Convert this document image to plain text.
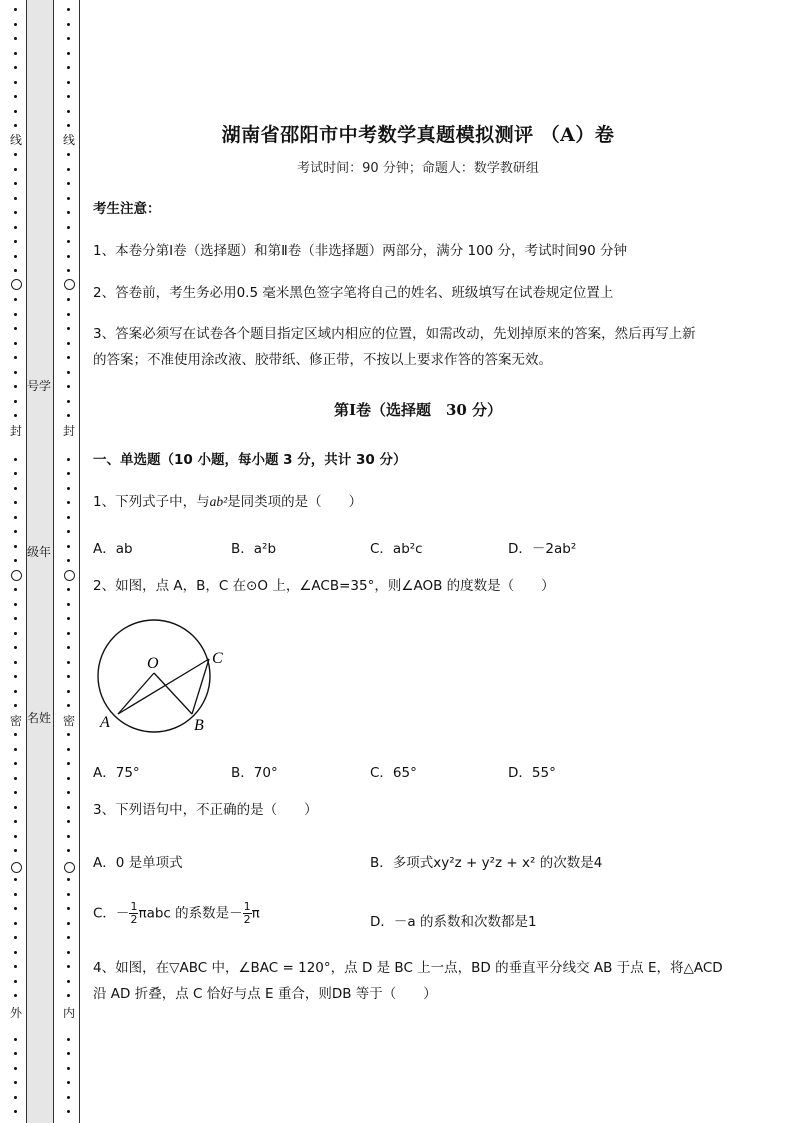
线
封
密
外
线
封
密
内
号学
级年
名姓
湖南省邵阳市中考数学真题模拟测评 （A）卷
考试时间：90 分钟；命题人：数学教研组
考生注意：
1、本卷分第Ⅰ卷（选择题）和第Ⅱ卷（非选择题）两部分，满分 100 分，考试时间90 分钟
2、答卷前，考生务必用0.5 毫米黑色签字笔将自己的姓名、班级填写在试卷规定位置上
3、答案必须写在试卷各个题目指定区域内相应的位置，如需改动，先划掉原来的答案，然后再写上新
的答案；不准使用涂改液、胶带纸、修正带，不按以上要求作答的答案无效。
第Ⅰ卷（选择题　30 分）
一、单选题（10 小题，每小题 3 分，共计 30 分）
1、下列式子中，与ab²是同类项的是（　　）
A．ab	B．a²b	C．ab²c	D．－2ab²
2、如图，点 A，B，C 在⊙O 上，∠ACB=35°，则∠AOB 的度数是（　　）
O	C
A	B
A．75°	B．70°	C．65°	D．55°
3、下列语句中，不正确的是（　　）
A．0 是单项式	B．多项式xy²z + y²z + x² 的次数是4
C．－ $\frac{1}{2}$ πabc 的系数是－ $\frac{1}{2}$ π
D．－a 的系数和次数都是1
4、如图，在▽ABC 中，∠BAC = 120°，点 D 是 BC 上一点，BD 的垂直平分线交 AB 于点 E，将△ACD
沿 AD 折叠，点 C 恰好与点 E 重合，则DB 等于（　　）
